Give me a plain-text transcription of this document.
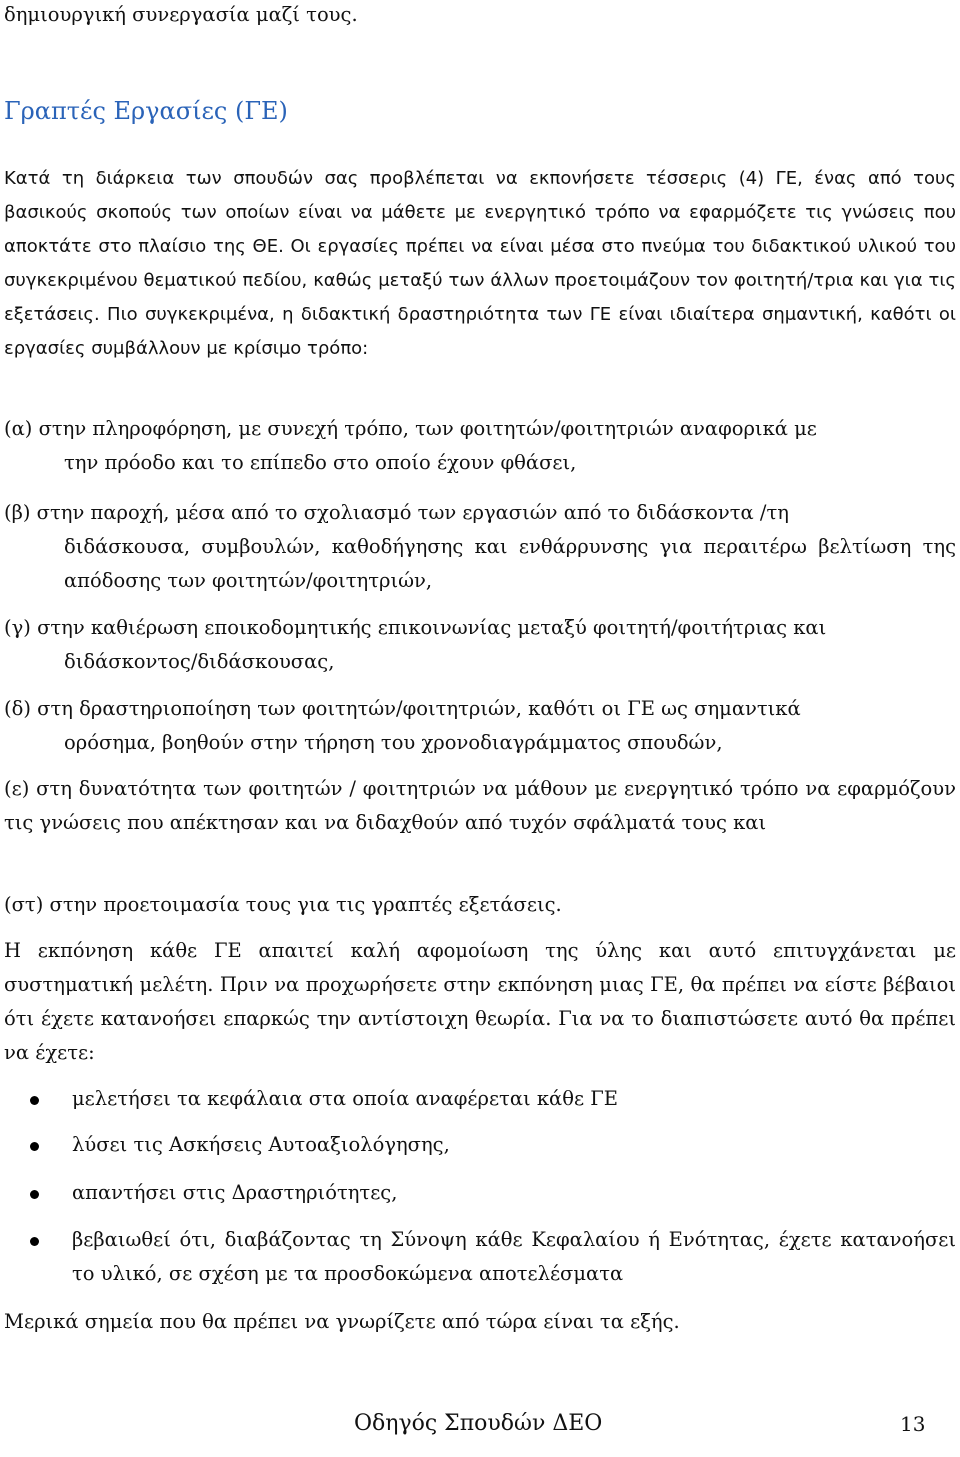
δημιουργική συνεργασία μαζί τους.
Γραπτές Εργασίες (ΓΕ)

Κατά τη διάρκεια των σπουδών σας προβλέπεται να εκπονήσετε τέσσερις (4) ΓΕ, ένας από τους βασικούς σκοπούς των οποίων είναι να μάθετε με ενεργητικό τρόπο να εφαρμόζετε τις γνώσεις που αποκτάτε στο πλαίσιο της ΘΕ. Οι εργασίες πρέπει να είναι μέσα στο πνεύμα του διδακτικού υλικού του συγκεκριμένου θεματικού πεδίου, καθώς μεταξύ των άλλων προετοιμάζουν τον φοιτητή/τρια και για τις εξετάσεις. Πιο συγκεκριμένα, η διδακτική δραστηριότητα των ΓΕ είναι ιδιαίτερα σημαντική, καθότι οι εργασίες συμβάλλουν με κρίσιμο τρόπο:

(α) στην πληροφόρηση, με συνεχή τρόπο, των φοιτητών/φοιτητριών αναφορικά με
την πρόοδο και το επίπεδο στο οποίο έχουν φθάσει,
(β) στην παροχή, μέσα από το σχολιασμό των εργασιών από το διδάσκοντα /τη
διδάσκουσα, συμβουλών, καθοδήγησης και ενθάρρυνσης για περαιτέρω βελτίωση της απόδοσης των φοιτητών/φοιτητριών,
(γ) στην καθιέρωση εποικοδομητικής επικοινωνίας μεταξύ φοιτητή/φοιτήτριας και
διδάσκοντος/διδάσκουσας,
(δ) στη δραστηριοποίηση των φοιτητών/φοιτητριών, καθότι οι ΓΕ ως σημαντικά
ορόσημα, βοηθούν στην τήρηση του χρονοδιαγράμματος σπουδών,
(ε) στη δυνατότητα των φοιτητών / φοιτητριών να μάθουν με ενεργητικό τρόπο να εφαρμόζουν τις γνώσεις που απέκτησαν και να διδαχθούν από τυχόν σφάλματά τους και
(στ) στην προετοιμασία τους για τις γραπτές εξετάσεις.

Η εκπόνηση κάθε ΓΕ απαιτεί καλή αφομοίωση της ύλης και αυτό επιτυγχάνεται με συστηματική μελέτη. Πριν να προχωρήσετε στην εκπόνηση μιας ΓΕ, θα πρέπει να είστε βέβαιοι ότι έχετε κατανοήσει επαρκώς την αντίστοιχη θεωρία. Για να το διαπιστώσετε αυτό θα πρέπει να έχετε:

μελετήσει τα κεφάλαια στα οποία αναφέρεται κάθε ΓΕ
λύσει τις Ασκήσεις Αυτοαξιολόγησης,
απαντήσει στις Δραστηριότητες,
βεβαιωθεί ότι, διαβάζοντας τη Σύνοψη κάθε Κεφαλαίου ή Ενότητας, έχετε κατανοήσει το υλικό, σε σχέση με τα προσδοκώμενα αποτελέσματα

Μερικά σημεία που θα πρέπει να γνωρίζετε από τώρα είναι τα εξής.

Οδηγός Σπουδών ΔΕΟ	13
